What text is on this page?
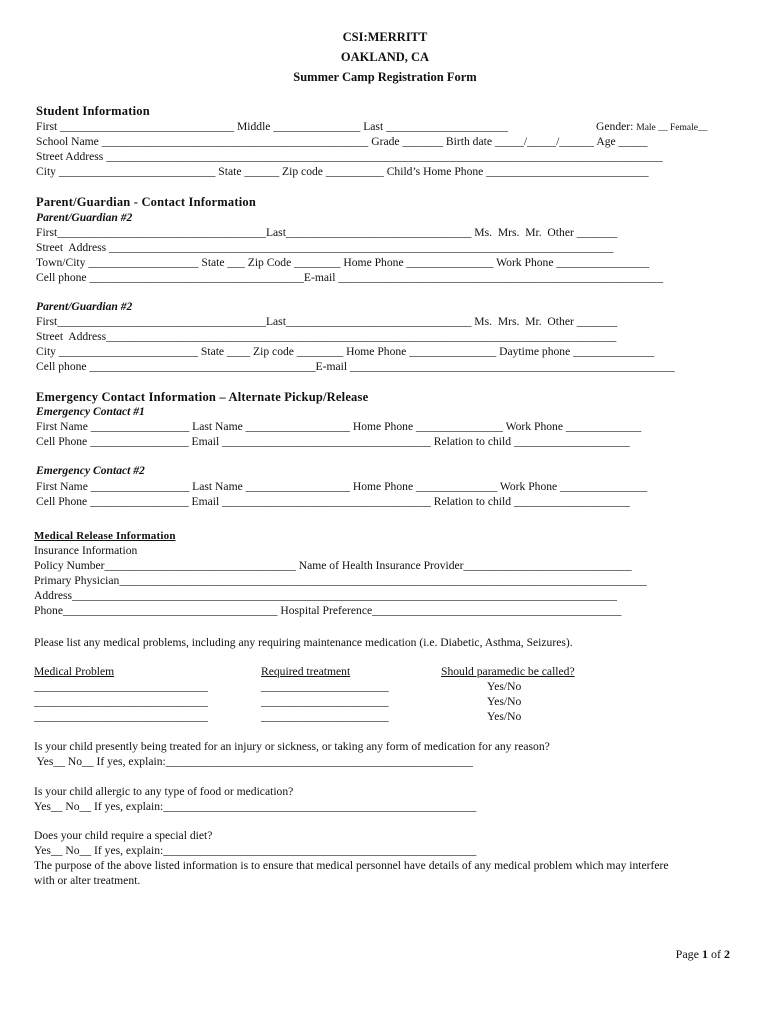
CSI:MERRITT
OAKLAND, CA
Summer Camp Registration Form
Student Information
First ______________________________ Middle _______________ Last _____________________	Gender: Male __ Female__
School Name ______________________________________________ Grade _______ Birth date _____/_____/______ Age _____
Street Address ________________________________________________________________________________________________
City ___________________________ State ______ Zip code __________ Child’s Home Phone ____________________________
Parent/Guardian - Contact Information
Parent/Guardian #2
First____________________________________Last________________________________ Ms.  Mrs.  Mr.  Other _______
Street  Address _______________________________________________________________________________________
Town/City ___________________ State ___ Zip Code ________ Home Phone _______________ Work Phone ________________
Cell phone _____________________________________E-mail ________________________________________________________
Parent/Guardian #2
First____________________________________Last________________________________ Ms.  Mrs.  Mr.  Other _______
Street  Address________________________________________________________________________________________
City ________________________ State ____ Zip code ________ Home Phone _______________ Daytime phone ______________
Cell phone _______________________________________E-mail ________________________________________________________
Emergency Contact Information – Alternate Pickup/Release
Emergency Contact #1
First Name _________________ Last Name __________________ Home Phone _______________ Work Phone _____________
Cell Phone _________________ Email ____________________________________ Relation to child ____________________
Emergency Contact #2
First Name _________________ Last Name __________________ Home Phone ______________ Work Phone _______________
Cell Phone _________________ Email ____________________________________ Relation to child ____________________
Medical Release Information
Insurance Information
Policy Number_________________________________ Name of Health Insurance Provider_____________________________
Primary Physician___________________________________________________________________________________________
Address______________________________________________________________________________________________
Phone_____________________________________ Hospital Preference___________________________________________
Please list any medical problems, including any requiring maintenance medication (i.e. Diabetic, Asthma, Seizures).
Medical Problem	Required treatment	Should paramedic be called?
______________________________	______________________	Yes/No
______________________________	______________________	Yes/No
______________________________	______________________	Yes/No
Is your child presently being treated for an injury or sickness, or taking any form of medication for any reason?
Yes__ No__ If yes, explain:_____________________________________________________
Is your child allergic to any type of food or medication?
Yes__ No__ If yes, explain:______________________________________________________
Does your child require a special diet?
Yes__ No__ If yes, explain:______________________________________________________
The purpose of the above listed information is to ensure that medical personnel have details of any medical problem which may interfere
with or alter treatment.
Page 1 of 2
